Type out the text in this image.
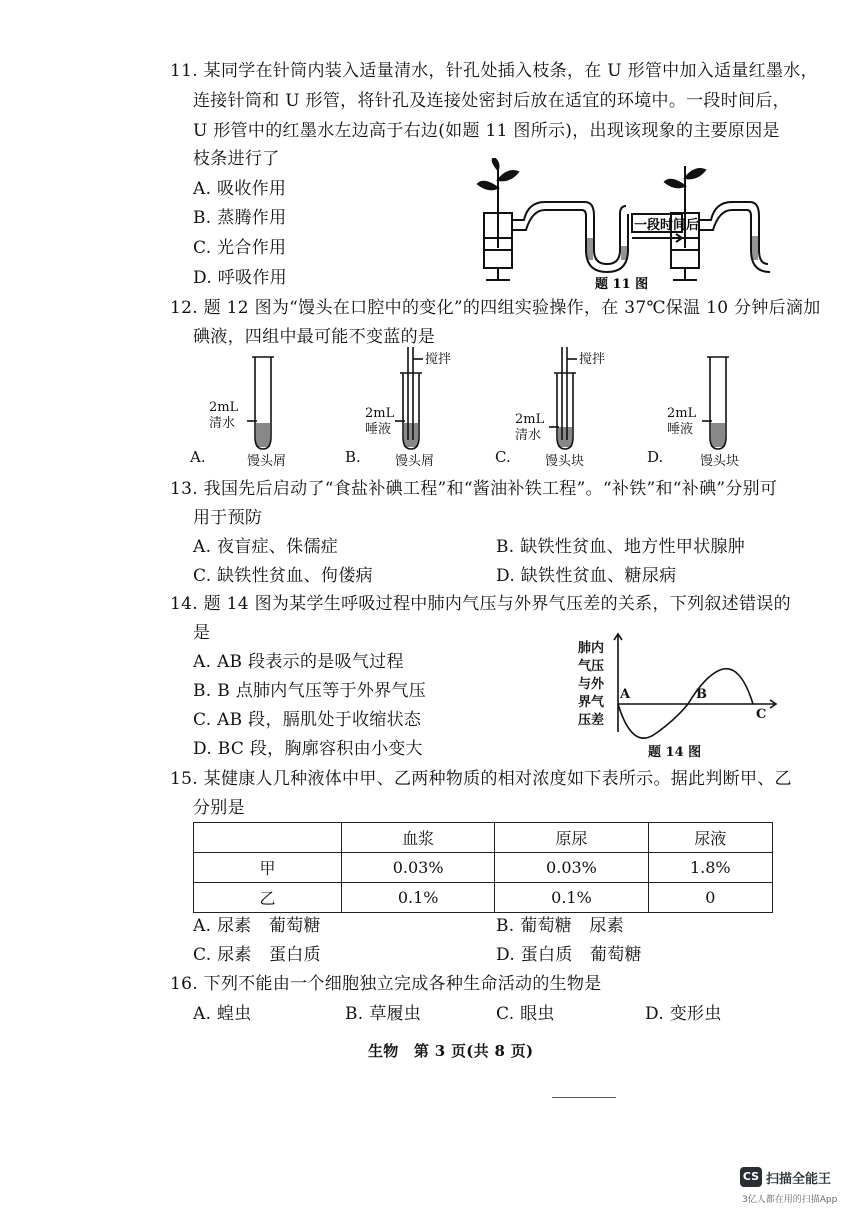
11. 某同学在针筒内装入适量清水，针孔处插入枝条，在 U 形管中加入适量红墨水，
连接针筒和 U 形管，将针孔及连接处密封后放在适宜的环境中。一段时间后，
U 形管中的红墨水左边高于右边(如题 11 图所示)，出现该现象的主要原因是
枝条进行了
A. 吸收作用
B. 蒸腾作用
C. 光合作用
D. 呼吸作用
一段时间后
题 11 图
12. 题 12 图为“馒头在口腔中的变化”的四组实验操作，在 37℃保温 10 分钟后滴加
碘液，四组中最可能不变蓝的是
2mL
清水
A.	馒头屑
2mL
唾液
搅拌
B.	馒头屑
2mL
清水
搅拌
C.	馒头块
2mL
唾液
D.	馒头块
13. 我国先后启动了“食盐补碘工程”和“酱油补铁工程”。“补铁”和“补碘”分别可
用于预防
A. 夜盲症、侏儒症	B. 缺铁性贫血、地方性甲状腺肿
C. 缺铁性贫血、佝偻病	D. 缺铁性贫血、糖尿病
14. 题 14 图为某学生呼吸过程中肺内气压与外界气压差的关系，下列叙述错误的
是
A. AB 段表示的是吸气过程
B. B 点肺内气压等于外界气压
C. AB 段，膈肌处于收缩状态
D. BC 段，胸廓容积由小变大
肺内
气压
与外
界气
压差
A	B
C
题 14 图
15. 某健康人几种液体中甲、乙两种物质的相对浓度如下表所示。据此判断甲、乙
分别是
	血浆	原尿	尿液
甲	0.03%	0.03%	1.8%
乙	0.1%	0.1%	0
A. 尿素　葡萄糖	B. 葡萄糖　尿素
C. 尿素　蛋白质	D. 蛋白质　葡萄糖
16. 下列不能由一个细胞独立完成各种生命活动的生物是
A. 蝗虫	B. 草履虫	C. 眼虫	D. 变形虫
生物　第 3 页(共 8 页)
CS 扫描全能王
3亿人都在用的扫描App
